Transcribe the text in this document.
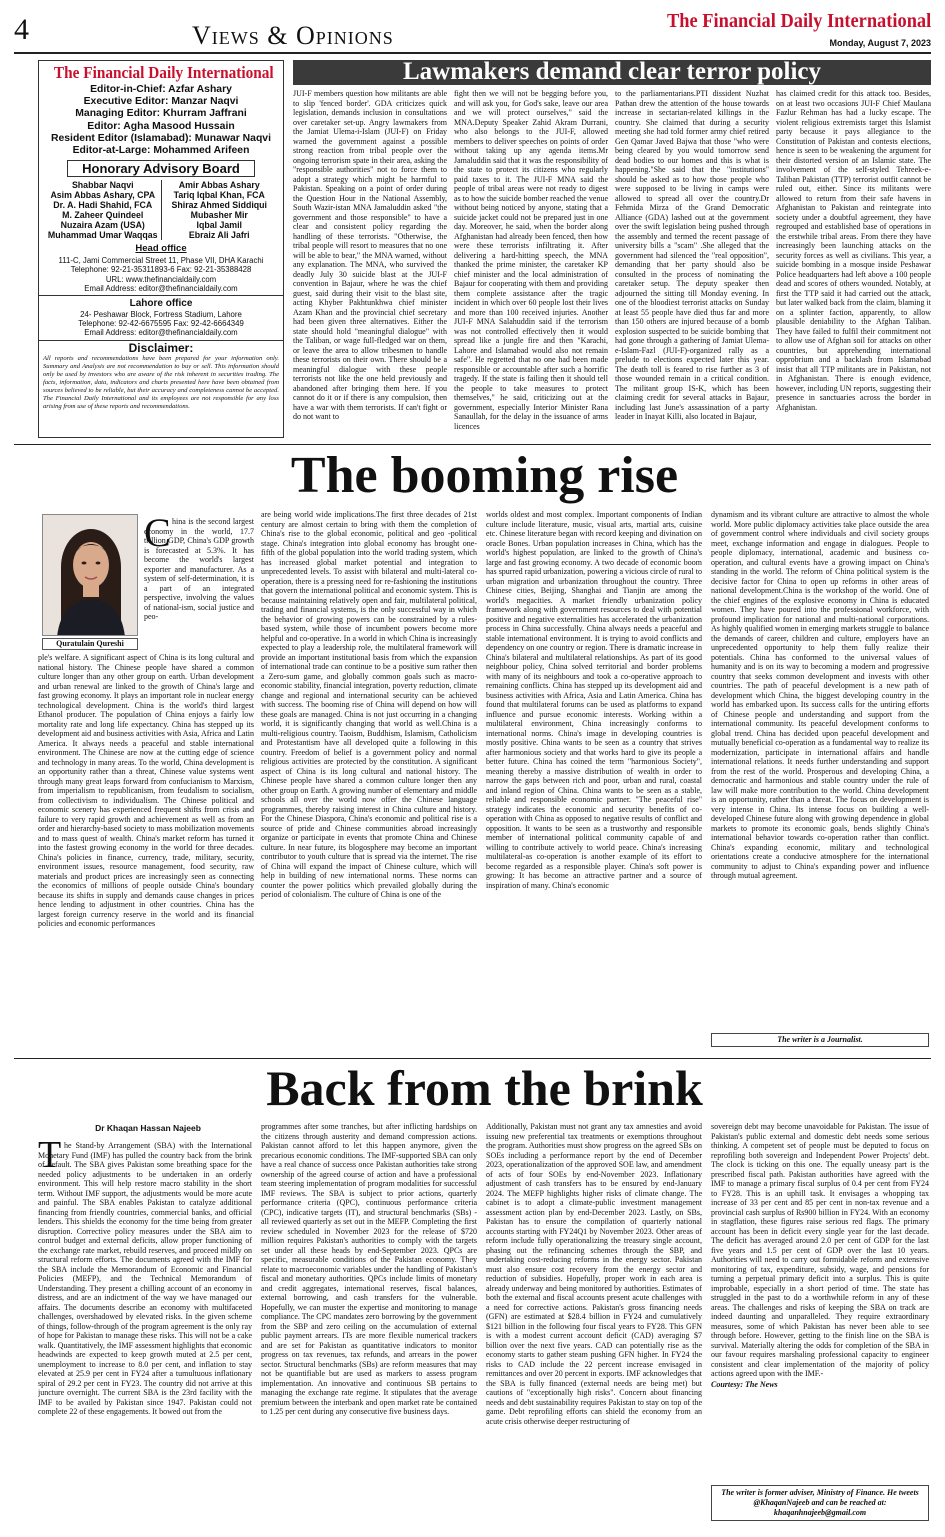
4	Views & Opinions	The Financial Daily International
Monday, August 7, 2023
The Financial Daily International
Editor-in-Chief: Azfar Ashary
Executive Editor: Manzar Naqvi
Managing Editor: Khurram Jaffrani
Editor: Agha Masood Hussain
Resident Editor (Islamabad): Munawar Naqvi
Editor-at-Large: Mohammed Arifeen
Honorary Advisory Board
Shabbar Naqvi
Asim Abbas Ashary, CPA
Dr. A. Hadi Shahid, FCA
M. Zaheer Quindeel
Nuzaira Azam (USA)
Muhammad Umar Waqqas
Amir Abbas Ashary
Tariq Iqbal Khan, FCA
Shiraz Ahmed Siddiqui
Mubasher Mir
Iqbal Jamil
Ebraiz Ali Jafri
Head office
111-C, Jami Commercial Street 11, Phase VII, DHA Karachi
Telephone: 92-21-35311893-6 Fax: 92-21-35388428
URL: www.thefinancialdaily.com
Email Address: editor@thefinancialdaily.com
Lahore office
24- Peshawar Block, Fortress Stadium, Lahore
Telephone: 92-42-6675595 Fax: 92-42-6664349
Email Address: editor@thefinancialdaily.com
Disclaimer:
All reports and recommendations have been prepared for your information only. Summary and Analysis are not recommendation to buy or sell. This information should only be used by investors who are aware of the risk inherent in securities trading. The facts, information, data, indicators and charts presented here have been obtained from sources believed to be reliable, but their accuracy and completeness cannot be accepted. The Financial Daily International and its employees are not responsible for any loss arising from use of these reports and recommendations.
Lawmakers demand clear terror policy

JUI-F members question how militants are able to slip 'fenced border'. GDA criticizes quick legislation, demands inclusion in consultations over caretaker set-up. Angry lawmakers from the Jamiat Ulema-i-Islam (JUI-F) on Friday warned the government against a possible strong reaction from tribal people over the ongoing terrorism spate in their area, asking the "responsible authorities" not to force them to adopt a strategy which might be harmful to Pakistan. Speaking on a point of order during the Question Hour in the National Assembly, South Wazir-istan MNA Jamaluddin asked "the government and those responsible" to have a clear and consistent policy regarding the handling of these terrorists. "Otherwise, the tribal people will resort to measures that no one will be able to bear," the MNA warned, without any explanation. The MNA, who survived the deadly July 30 suicide blast at the JUI-F convention in Bajaur, where he was the chief guest, said during their visit to the blast site, acting Khyber Pakhtunkhwa chief minister Azam Khan and the provincial chief secretary had been given three alternatives. Either the state should hold "meaningful dialogue" with the Taliban, or wage full-fledged war on them, or leave the area to allow tribesmen to handle these terrorists on their own. There should be a meaningful dialogue with these people terrorists not like the one held previously and abandoned after bringing them here. If you cannot do it or if there is any compulsion, then have a war with them terrorists. If can't fight or do not want to

fight then we will not be begging before you, and will ask you, for God's sake, leave our area and we will protect ourselves," said the MNA.Deputy Speaker Zahid Akram Durrani, who also belongs to the JUI-F, allowed members to deliver speeches on points of order without taking up any agenda items.Mr Jamaluddin said that it was the responsibility of the state to protect its citizens who regularly paid taxes to it. The JUI-F MNA said the people of tribal areas were not ready to digest as to how the suicide bomber reached the venue without being noticed by anyone, stating that a suicide jacket could not be prepared just in one day. Moreover, he said, when the border along Afghanistan had already been fenced, then how were these terrorists infiltrating it. After delivering a hard-hitting speech, the MNA thanked the prime minister, the caretaker KP chief minister and the local administration of Bajaur for cooperating with them and providing them complete assistance after the tragic incident in which over 60 people lost their lives and more than 100 received injuries. Another JUI-F MNA Salahuddin said if the terrorism was not controlled effectively then it would spread like a jungle fire and then "Karachi, Lahore and Islamabad would also not remain safe". He regretted that no one had been made responsible or accountable after such a horrific tragedy. If the state is failing then it should tell the people to take measures to protect themselves," he said, criticizing out at the government, especially Interior Minister Rana Sanaullah, for the delay in the issuance of arms licences

to the parliamentarians.PTI dissident Nuzhat Pathan drew the attention of the house towards increase in sectarian-related killings in the country. She claimed that during a security meeting she had told former army chief retired Gen Qamar Javed Bajwa that those "who were being cleared by you would tomorrow send dead bodies to our homes and this is what is happening."She said that the "institutions" should be asked as to how those people who were supposed to be living in camps were allowed to spread all over the country.Dr Fehmida Mirza of the Grand Democratic Alliance (GDA) lashed out at the government over the swift legislation being pushed through the assembly and termed the recent passage of university bills a "scam" .She alleged that the government had silenced the "real opposition", demanding that her party should also be consulted in the process of nominating the caretaker setup. The deputy speaker then adjourned the sitting till Monday evening. In one of the bloodiest terrorist attacks on Sunday at least 55 people have died thus far and more than 150 others are injured because of a bomb explosion suspected to be suicide bombing that had gone through a gathering of Jamiat Ulema-e-Islam-Fazl (JUI-F)-organized rally as a prelude to elections expected later this year. The death toll is feared to rise further as 3 of those wounded remain in a critical condition. The militant group IS-K, which has been claiming credit for several attacks in Bajaur, including last June's assassination of a party leader in Inayat Killi, also located in Bajaur,

has claimed credit for this attack too. Besides, on at least two occasions JUI-F Chief Maulana Fazlur Rehman has had a lucky escape. The violent religious extremists target this Islamist party because it pays allegiance to the Constitution of Pakistan and contests elections, hence is seen to be weakening the argument for their distorted version of an Islamic state. The involvement of the self-styled Tehreek-e-Taliban Pakistan (TTP) terrorist outfit cannot be ruled out, either. Since its militants were allowed to return from their safe havens in Afghanistan to Pakistan and reintegrate into society under a doubtful agreement, they have regrouped and established base of operations in the erstwhile tribal areas. From there they have increasingly been launching attacks on the security forces as well as civilians. This year, a suicide bombing in a mosque inside Peshawar Police headquarters had left above a 100 people dead and scores of others wounded. Notably, at first the TTP said it had carried out the attack, but later walked back from the claim, blaming it on a splinter faction, apparently, to allow plausible deniability to the Afghan Taliban. They have failed to fulfil their commitment not to allow use of Afghan soil for attacks on other countries, but apprehending international opprobrium and a backlash from Islamabad insist that all TTP militants are in Pakistan, not in Afghanistan. There is enough evidence, however, including UN reports, suggesting their presence in sanctuaries across the border in Afghanistan.

The booming rise
Quratulain Qureshi
C hina is the second largest economy in the world, 17.7 trillion GDP, China's GDP growth is forecasted at 5.3%. It has become the world's largest exporter and manufacturer. As a system of self-determination, it is a part of an integrated perspective, involving the values of national-ism, social justice and peo-

ple's welfare. A significant aspect of China is its long cultural and national history. The Chinese people have shared a common culture longer than any other group on earth. Urban development and urban renewal are linked to the growth of China's large and fast growing economy. It plays an important role in nuclear energy technological development. China is the world's third largest Ethanol producer. The population of China enjoys a fairly low mortality rate and long life expectancy. China has stepped up its development aid and business activities with Asia, Africa and Latin America. It always needs a peaceful and stable international environment. The Chinese are now at the cutting edge of science and technology in many areas. To the world, China development is an opportunity rather than a threat, Chinese value systems went through many great leaps forward from confucianism to Marxism, from imperialism to republicanism, from feudalism to socialism, from collectivism to individualism. The Chinese political and economic scenery has experienced frequent shifts from crisis and failure to very rapid growth and achievement as well as from an order and hierarchy-based society to mass mobilization movements and to mass quest of wealth. China's market reform has turned it into the fastest growing economy in the world for three decades. China's policies in finance, currency, trade, military, security, environment issues, resource management, food security, raw materials and product prices are increasingly seen as connecting the economics of millions of people outside China's boundary because its shifts in supply and demands cause changes in prices hence lending to adjustment in other countries. China has the largest foreign currency reserve in the world and its financial policies and economic performances

are being world wide implications.The first three decades of 21st century are almost certain to bring with them the completion of China's rise to the global economic, political and geo -political stage. China's integration into global economy has brought one-fifth of the global population into the world trading system, which has increased global market potential and integration to unprecedented levels. To assist with bilateral and multi-lateral co-operation, there is a pressing need for re-fashioning the institutions that govern the international political and economic system. This is because maintaining relatively open and fair, multilateral political, trading and financial systems, is the only successful way in which the behavior of growing powers can be constrained by a rules- based system, while those of incumbent powers become more helpful and co-operative. In a world in which China is increasingly expected to play a leadership role, the multilateral framework will provide an important institutional basis from which the expansion of international trade can continue to be a positive sum rather then a Zero-sum game, and globally common goals such as macro-economic stability, financial integration, poverty reduction, climate change and regional and international security can be achieved with success. The booming rise of China will depend on how will these goals are managed. China is not just occurring in a changing world, it is significantly changing that world as well.China is a multi-religious country. Taoism, Buddhism, Islamism, Catholicism and Protestantism have all developed quite a following in this country. Freedom of belief is a government policy and normal religious activities are protected by the constitution. A significant aspect of China is its long cultural and national history. The Chinese people have shared a common culture longer then any other group on Earth. A growing number of elementary and middle schools all over the world now offer the Chinese language programmes, thereby raising interest in China culture and history. For the Chinese Diaspora, China's economic and political rise is a source of pride and Chinese communities abroad increasingly organize or participate in events that promote China and Chinese culture. In near future, its blogosphere may become an important contributor to youth culture that is spread via the internet. The rise of China will expand the impact of Chinese culture, which will help in building of new international norms. These norms can counter the power politics which prevailed globally during the period of colonialism. The culture of China is one of the

worlds oldest and most complex. Important components of Indian culture include literature, music, visual arts, martial arts, cuisine etc. Chinese literature began with record keeping and divination on oracle Bones. Urban population increases in China, which has the world's highest population, are linked to the growth of China's large and fast growing economy. A two decade of economic boom has spurred rapid urbanization, powering a vicious circle of rural to urban migration and urbanization throughout the country. Three Chinese cities, Beijing, Shanghai and Tianjin are among the world's megacities. A market friendly urbanization policy framework along with government resources to deal with potential positive and negative externalities has accelerated the urbanization process in China successfully. China always needs a peaceful and stable international environment. It is trying to avoid conflicts and dependency on one country or region. There is dramatic increase in China's bilateral and multilateral relationships. As part of its good neighbour policy, China solved territorial and border problems with many of its neighbours and took a co-operative approach to remaining conflicts. China has stepped up its development aid and business activities with Africa, Asia and Latin America. China has found that multilateral forums can be used as platforms to expand influence and pursue economic interests. Working within a multilateral environment, China increasingly conforms to international norms. China's image in developing countries is mostly positive. China wants to be seen as a country that strives after harmonious society and that works hard to give its people a better future. China has coined the term "harmonious Society", meaning thereby a massive distribution of wealth in order to narrow the gaps between rich and poor, urban and rural, coastal and inland region of China. China wants to be seen as a stable, reliable and responsible economic partner. "The peaceful rise" strategy indicates the economic and security benefits of co-operation with China as opposed to negative results of conflict and opposition. It wants to be seen as a trustworthy and responsible member of international political community capable of and willing to contribute actively to world peace. China's increasing multilateral-as co-operation is another example of its effort to become regarded as a responsible player. China's soft power is growing: It has become an attractive partner and a source of inspiration of many. China's economic

dynamism and its vibrant culture are attractive to almost the whole world. More public diplomacy activities take place outside the area of government control where individuals and civil society groups meet, exchange information and engage in dialogues. People to people diplomacy, international, academic and business co-operation, and cultural events have a growing impact on China's standing in the world. The reform of China political system is the decisive factor for China to open up reforms in other areas of national development.China is the workshop of the world. One of the chief engines of the explosive economy in China is educated women. They have poured into the professional workforce, with profound implication for national and multi-national corporations. As highly qualified women in emerging markets struggle to balance the demands of career, children and culture, employers have an unprecedented opportunity to help them fully realize their potentials. China has conformed to the universal values of humanity and is on its way to becoming a modern and progressive country that seeks common development and invests with other countries. The path of peaceful development is a new path of development which China, the biggest developing country in the world has embarked upon. Its success calls for the untiring efforts of Chinese people and understanding and support from the international community. Its peaceful development conforms to global trend. China has decided upon peaceful development and mutually beneficial co-operation as a fundamental way to realize its modernization, participate in international affairs and handle international relations. It needs further understanding and support from the rest of the world. Prosperous and developing China, a democratic and harmonious and stable country under the rule of law will make more contribution to the world. China development is an opportunity, rather than a threat. The focus on development is very intense in China. Its intense focus on building a well-developed Chinese future along with growing dependence in global markets to promote its economic goals, bends slightly China's international behavior towards co-operation rather than conflict. China's expanding economic, military and technological orientations create a conducive atmosphere for the international community to adjust to China's expanding power and influence through mutual agreement.

The writer is a Journalist.
Back from the brink
Dr Khaqan Hassan Najeeb
T he Stand-by Arrangement (SBA) with the International Monetary Fund (IMF) has pulled the country back from the brink of default. The SBA gives Pakistan some breathing space for the needed policy adjustments to be undertaken in an orderly environment. This will help restore macro stability in the short term. Without IMF support, the adjustments would be more acute and painful. The SBA enables Pakistan to catalyze additional financing from friendly countries, commercial banks, and official lenders. This shields the economy for the time being from greater disruption. Corrective policy measures under the SBA aim to control budget and external deficits, allow proper functioning of the exchange rate market, rebuild reserves, and proceed mildly on structural reform efforts. The documents agreed with the IMF for the SBA include the Memorandum of Economic and Financial Policies (MEFP), and the Technical Memorandum of Understanding. They present a chilling account of an economy in distress, and are an indictment of the way we have managed our affairs. The documents describe an economy with multifaceted challenges, overshadowed by elevated risks. In the given scheme of things, follow-through of the program agreement is the only ray of hope for Pakistan to manage these risks. This will not be a cake walk. Quantitatively, the IMF assessment highlights that economic headwinds are expected to keep growth muted at 2.5 per cent, unemployment to increase to 8.0 per cent, and inflation to stay elevated at 25.9 per cent in FY24 after a tumultuous inflationary spiral of 29.2 per cent in FY23. The country did not arrive at this juncture overnight. The current SBA is the 23rd facility with the IMF to be availed by Pakistan since 1947. Pakistan could not complete 22 of these engagements. It bowed out from the

programmes after some tranches, but after inflicting hardships on the citizens through austerity and demand compression actions. Pakistan cannot afford to let this happen anymore, given the precarious economic conditions. The IMF-supported SBA can only have a real chance of success once Pakistan authorities take strong ownership of the agreed course of action and have a professional team steering implementation of program modalities for successful IMF reviews. The SBA is subject to prior actions, quarterly performance criteria (QPC), continuous performance criteria (CPC), indicative targets (IT), and structural benchmarks (SBs) - all reviewed quarterly as set out in the MEFP. Completing the first review scheduled in November 2023 for the release of $720 million requires Pakistan's authorities to comply with the targets set under all these heads by end-September 2023. QPCs are specific, measurable conditions of the Pakistan economy. They relate to macroeconomic variables under the handling of Pakistan's fiscal and monetary authorities. QPCs include limits of monetary and credit aggregates, international reserves, fiscal balances, external borrowing, and cash transfers for the vulnerable. Hopefully, we can muster the expertise and monitoring to manage compliance. The CPC mandates zero borrowing by the government from the SBP and zero ceiling on the accumulation of external public payment arrears. ITs are more flexible numerical trackers and are set for Pakistan as quantitative indicators to monitor progress on tax revenues, tax refunds, and arrears in the power sector. Structural benchmarks (SBs) are reform measures that may not be quantifiable but are used as markers to assess program implementation. An innovative and continuous SB pertains to managing the exchange rate regime. It stipulates that the average premium between the interbank and open market rate be contained to 1.25 per cent during any consecutive five business days.

Additionally, Pakistan must not grant any tax amnesties and avoid issuing new preferential tax treatments or exemptions throughout the program. Authorities must show progress on the agreed SBs on SOEs including a performance report by the end of December 2023, operationalization of the approved SOE law, and amendment of acts of four SOEs by end-November 2023. Inflationary adjustment of cash transfers has to be ensured by end-January 2024. The MEFP highlights higher risks of climate change. The cabinet is to adopt a climate-public investment management assessment action plan by end-December 2023. Lastly, on SBs, Pakistan has to ensure the compilation of quarterly national accounts starting with FY24Q1 by November 2023. Other areas of reform include fully operationalizing the treasury single account, phasing out the refinancing schemes through the SBP, and undertaking cost-reducing reforms in the energy sector. Pakistan must also ensure cost recovery from the energy sector and reduction of subsidies. Hopefully, proper work in each area is already underway and being monitored by authorities. Estimates of both the external and fiscal accounts present acute challenges with a need for corrective actions. Pakistan's gross financing needs (GFN) are estimated at $28.4 billion in FY24 and cumulatively $121 billion in the following four fiscal years to FY28. This GFN is with a modest current account deficit (CAD) averaging $7 billion over the next five years. CAD can potentially rise as the economy starts to gather steam pushing GFN higher. In FY24 the risks to CAD include the 22 percent increase envisaged in remittances and over 20 percent in exports. IMF acknowledges that the SBA is fully financed (external needs are being met) but cautions of "exceptionally high risks". Concern about financing needs and debt sustainability requires Pakistan to stay on top of the game. Debt reprofiling efforts can shield the economy from an acute crisis otherwise deeper restructuring of

sovereign debt may become unavoidable for Pakistan. The issue of Pakistan's public external and domestic debt needs some serious thinking. A competent set of people must be deputed to focus on reprofiling both sovereign and Independent Power Projects' debt. The clock is ticking on this one. The equally uneasy part is the prescribed fiscal path. Pakistan authorities have agreed with the IMF to manage a primary fiscal surplus of 0.4 per cent from FY24 to FY28. This is an uphill task. It envisages a whopping tax increase of 33 per cent and 85 per cent in non-tax revenue and a provincial cash surplus of Rs900 billion in FY24. With an economy in stagflation, these figures raise serious red flags. The primary account has been in deficit every single year for the last decade. The deficit has averaged around 2.0 per cent of GDP for the last five years and 1.5 per cent of GDP over the last 10 years. Authorities will need to carry out formidable reform and extensive monitoring of tax, expenditure, subsidy, wage, and pensions for turning a perpetual primary deficit into a surplus. This is quite improbable, especially in a short period of time. The state has struggled in the past to do a worthwhile reform in any of these areas. The challenges and risks of keeping the SBA on track are indeed daunting and unparalleled. They require extraordinary measures, some of which Pakistan has never been able to see through before. However, getting to the finish line on the SBA is survival. Materially altering the odds for completion of the SBA in our favour requires marshaling professional capacity to engineer consistent and clear implementation of the majority of policy actions agreed upon with the IMF.-

Courtesy: The News

The writer is former adviser, Ministry of Finance. He tweets @KhaqanNajeeb and can be reached at: khaqanhnajeeb@gmail.com
